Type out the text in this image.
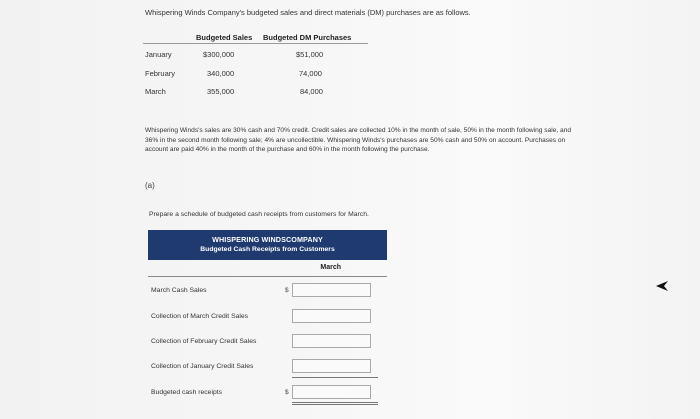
Whispering Winds Company's budgeted sales and direct materials (DM) purchases are as follows.
Budgeted Sales Budgeted DM Purchases
January	$300,000	$51,000
February	340,000	74,000
March	355,000	84,000
Whispering Winds's sales are 30% cash and 70% credit. Credit sales are collected 10% in the month of sale, 50% in the month following sale, and 36% in the second month following sale; 4% are uncollectible. Whispering Winds's purchases are 50% cash and 50% on account. Purchases on account are paid 40% in the month of the purchase and 60% in the month following the purchase.
(a)
Prepare a schedule of budgeted cash receipts from customers for March.
WHISPERING WINDSCOMPANY
Budgeted Cash Receipts from Customers
March
March Cash Sales	$
Collection of March Credit Sales
Collection of February Credit Sales
Collection of January Credit Sales
Budgeted cash receipts	$
